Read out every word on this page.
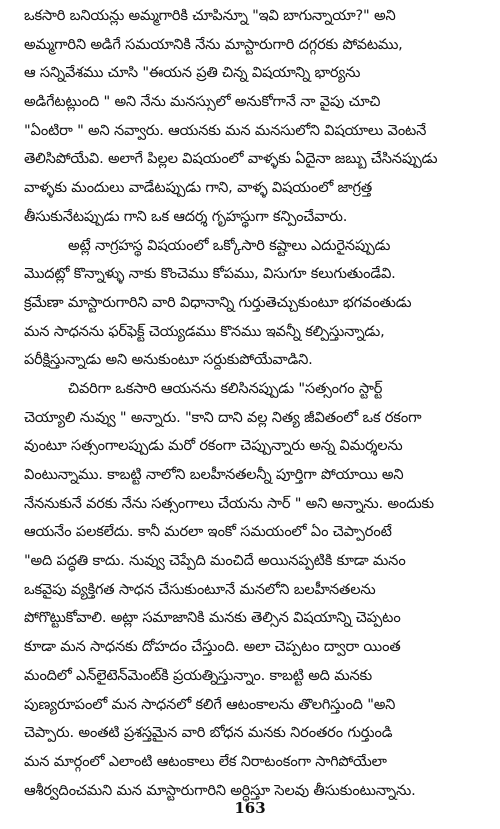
ఒకసారి బనియన్లు అమ్మగారికి చూపిన్నూ "ఇవి బాగున్నాయా?" అని
అమ్మగారిని అడిగే సమయానికి నేను మాస్టారుగారి దగ్గరకు పోవటము,
ఆ సన్నివేశము చూసి "ఈయన ప్రతి చిన్న విషయాన్ని భార్యను
అడిగేటట్లుంది " అని నేను మనస్సులో అనుకోగానే నా వైపు చూచి
"ఏంటిరా " అని నవ్వారు. ఆయనకు మన మనసులోని విషయాలు వెంటనే
తెలిసిపోయేవి. అలాగే పిల్లల విషయంలో వాళ్ళకు ఏదైనా జబ్బు చేసినప్పుడు
వాళ్ళకు మందులు వాడేటప్పుడు గాని, వాళ్ళ విషయంలో జాగ్రత్త
తీసుకునేటప్పుడు గాని ఒక ఆదర్శ గృహస్థుగా కన్పించేవారు.
అట్లే నాగ్రహస్థ విషయంలో ఒక్కోసారి కష్టాలు ఎదురైనప్పుడు
మొదట్లో కొన్నాళ్ళు నాకు కొంచెము కోపము, విసుగూ కలుగుతుండేవి.
క్రమేణా మాస్టారుగారిని వారి విధానాన్ని గుర్తుతెచ్చుకుంటూ భగవంతుడు
మన సాధనను ఫర్‌ఫెక్ట్ చెయ్యడము కొనము ఇవన్నీ కల్పిస్తున్నాడు,
పరీక్షిస్తున్నాడు అని అనుకుంటూ సర్దుకుపోయేవాడిని.
చివరిగా ఒకసారి ఆయనను కలిసినప్పుడు "సత్సంగం స్టార్ట్
చెయ్యాలి నువ్వు " అన్నారు. "కాని దాని వల్ల నిత్య జీవితంలో ఒక రకంగా
వుంటూ సత్సంగాలప్పుడు మరో రకంగా చెప్పున్నారు అన్న విమర్శలను
వింటున్నాము. కాబట్టి నాలోని బలహీనతలన్నీ పూర్తిగా పోయాయి అని
నేననుకునే వరకు నేను సత్సంగాలు చేయను సార్ " అని అన్నాను. అందుకు
ఆయనేం పలకలేదు. కానీ మరలా ఇంకో సమయంలో ఏం చెప్పారంటే
"అది పద్ధతి కాదు. నువ్వు చెప్పేది మంచిదే అయినప్పటికి కూడా మనం
ఒకవైపు వ్యక్తిగత సాధన చేసుకుంటూనే మనలోని బలహీనతలను
పోగొట్టుకోవాలి. అట్లా సమాజానికి మనకు తెల్సిన విషయాన్ని చెప్పటం
కూడా మన సాధనకు దోహదం చేస్తుంది. అలా చెప్పటం ద్వారా యింత
మందిలో ఎన్‌లైటెన్‌మెంట్‌కి ప్రయత్నిస్తున్నాం. కాబట్టి అది మనకు
పుణ్యరూపంలో మన సాధనలో కలిగే ఆటంకాలను తొలగిస్తుంది "అని
చెప్పారు. అంతటి ప్రశస్తమైన వారి బోధన మనకు నిరంతరం గుర్తుండి
మన మార్గంలో ఎలాంటి ఆటంకాలు లేక నిరాటంకంగా సాగిపోయేలా
ఆశీర్వదించమని మన మాస్టారుగారిని అర్ధిస్తూ సెలవు తీసుకుంటున్నాను.
163
